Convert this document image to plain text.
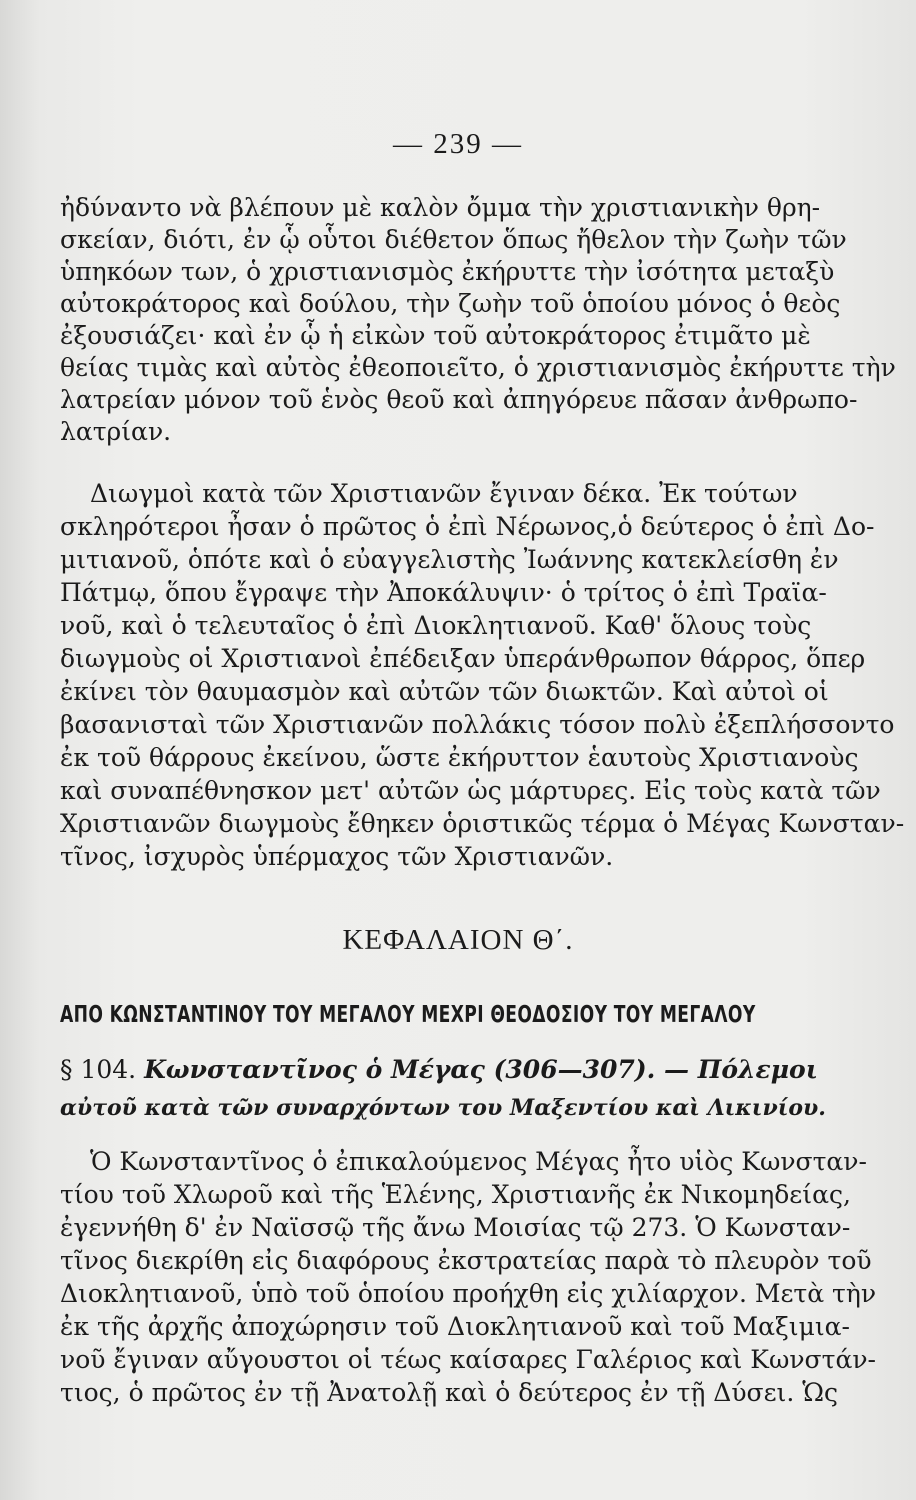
— 239 —
ἠδύναντο νὰ βλέπουν μὲ καλὸν ὄμμα τὴν χριστιανικὴν θρη-
σκείαν, διότι, ἐν ᾧ οὗτοι διέθετον ὅπως ἤθελον τὴν ζωὴν τῶν
ὑπηκόων των, ὁ χριστιανισμὸς ἐκήρυττε τὴν ἰσότητα μεταξὺ
αὐτοκράτορος καὶ δούλου, τὴν ζωὴν τοῦ ὁποίου μόνος ὁ θεὸς
ἐξουσιάζει· καὶ ἐν ᾧ ἡ εἰκὼν τοῦ αὐτοκράτορος ἐτιμᾶτο μὲ
θείας τιμὰς καὶ αὐτὸς ἐθεοποιεῖτο, ὁ χριστιανισμὸς ἐκήρυττε τὴν
λατρείαν μόνον τοῦ ἑνὸς θεοῦ καὶ ἀπηγόρευε πᾶσαν ἀνθρωπο-
λατρίαν.
Διωγμοὶ κατὰ τῶν Χριστιανῶν ἔγιναν δέκα. Ἐκ τούτων
σκληρότεροι ἦσαν ὁ πρῶτος ὁ ἐπὶ Νέρωνος,ὁ δεύτερος ὁ ἐπὶ Δο-
μιτιανοῦ, ὁπότε καὶ ὁ εὐαγγελιστὴς Ἰωάννης κατεκλείσθη ἐν
Πάτμῳ, ὅπου ἔγραψε τὴν Ἀποκάλυψιν· ὁ τρίτος ὁ ἐπὶ Τραϊα-
νοῦ, καὶ ὁ τελευταῖος ὁ ἐπὶ Διοκλητιανοῦ. Καθ' ὅλους τοὺς
διωγμοὺς οἱ Χριστιανοὶ ἐπέδειξαν ὑπεράνθρωπον θάρρος, ὅπερ
ἐκίνει τὸν θαυμασμὸν καὶ αὐτῶν τῶν διωκτῶν. Καὶ αὐτοὶ οἱ
βασανισταὶ τῶν Χριστιανῶν πολλάκις τόσον πολὺ ἐξεπλήσσοντο
ἐκ τοῦ θάρρους ἐκείνου, ὥστε ἐκήρυττον ἑαυτοὺς Χριστιανοὺς
καὶ συναπέθνησκον μετ' αὐτῶν ὡς μάρτυρες. Εἰς τοὺς κατὰ τῶν
Χριστιανῶν διωγμοὺς ἔθηκεν ὁριστικῶς τέρμα ὁ Μέγας Κωνσταν-
τῖνος, ἰσχυρὸς ὑπέρμαχος τῶν Χριστιανῶν.
ΚΕΦΑΛΑΙΟΝ Θ΄.
ΑΠΟ ΚΩΝΣΤΑΝΤΙΝΟΥ ΤΟΥ ΜΕΓΑΛΟΥ ΜΕΧΡΙ ΘΕΟΔΟΣΙΟΥ ΤΟΥ ΜΕΓΑΛΟΥ
§ 104. Κωνσταντῖνος ὁ Μέγας (306—307). — Πόλεμοι
αὐτοῦ κατὰ τῶν συναρχόντων του Μαξεντίου καὶ Λικινίου.
Ὁ Κωνσταντῖνος ὁ ἐπικαλούμενος Μέγας ἦτο υἱὸς Κωνσταν-
τίου τοῦ Χλωροῦ καὶ τῆς Ἑλένης, Χριστιανῆς ἐκ Νικομηδείας,
ἐγεννήθη δ' ἐν Ναϊσσῷ τῆς ἄνω Μοισίας τῷ 273. Ὁ Κωνσταν-
τῖνος διεκρίθη εἰς διαφόρους ἐκστρατείας παρὰ τὸ πλευρὸν τοῦ
Διοκλητιανοῦ, ὑπὸ τοῦ ὁποίου προήχθη εἰς χιλίαρχον. Μετὰ τὴν
ἐκ τῆς ἀρχῆς ἀποχώρησιν τοῦ Διοκλητιανοῦ καὶ τοῦ Μαξιμια-
νοῦ ἔγιναν αὔγουστοι οἱ τέως καίσαρες Γαλέριος καὶ Κωνστάν-
τιος, ὁ πρῶτος ἐν τῇ Ἀνατολῇ καὶ ὁ δεύτερος ἐν τῇ Δύσει. Ὡς
